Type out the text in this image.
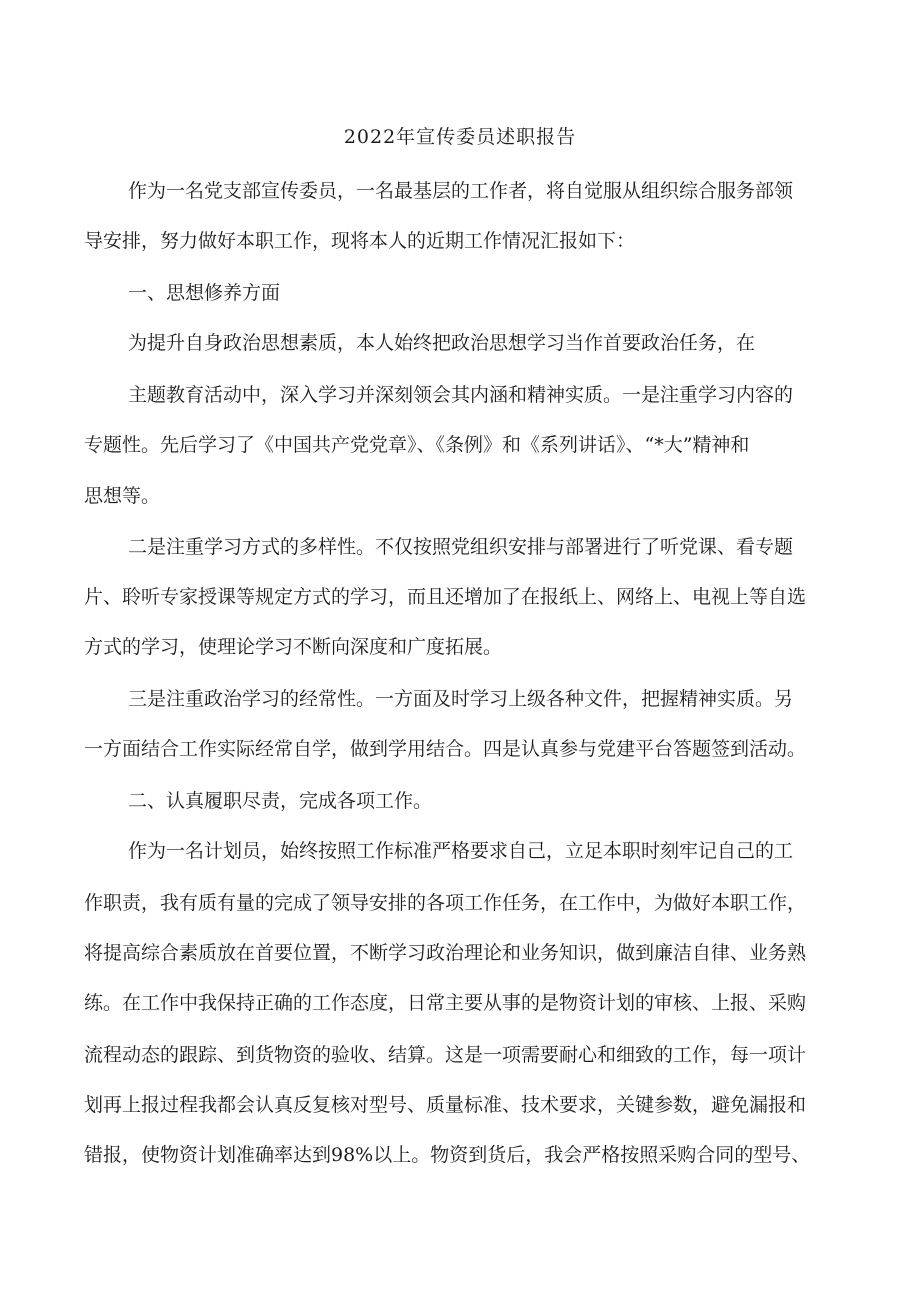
2022年宣传委员述职报告
作为一名党支部宣传委员，一名最基层的工作者，将自觉服从组织综合服务部领
导安排，努力做好本职工作，现将本人的近期工作情况汇报如下：
一、思想修养方面
为提升自身政治思想素质，本人始终把政治思想学习当作首要政治任务，在
主题教育活动中，深入学习并深刻领会其内涵和精神实质。一是注重学习内容的
专题性。先后学习了《中国共产党党章》、《条例》和《系列讲话》、“*大”精神和
思想等。
二是注重学习方式的多样性。不仅按照党组织安排与部署进行了听党课、看专题
片、聆听专家授课等规定方式的学习，而且还增加了在报纸上、网络上、电视上等自选
方式的学习，使理论学习不断向深度和广度拓展。
三是注重政治学习的经常性。一方面及时学习上级各种文件，把握精神实质。另
一方面结合工作实际经常自学，做到学用结合。四是认真参与党建平台答题签到活动。
二、认真履职尽责，完成各项工作。
作为一名计划员，始终按照工作标准严格要求自己，立足本职时刻牢记自己的工
作职责，我有质有量的完成了领导安排的各项工作任务，在工作中，为做好本职工作，
将提高综合素质放在首要位置，不断学习政治理论和业务知识，做到廉洁自律、业务熟
练。在工作中我保持正确的工作态度，日常主要从事的是物资计划的审核、上报、采购
流程动态的跟踪、到货物资的验收、结算。这是一项需要耐心和细致的工作，每一项计
划再上报过程我都会认真反复核对型号、质量标准、技术要求，关键参数，避免漏报和
错报，使物资计划准确率达到98%以上。物资到货后，我会严格按照采购合同的型号、
